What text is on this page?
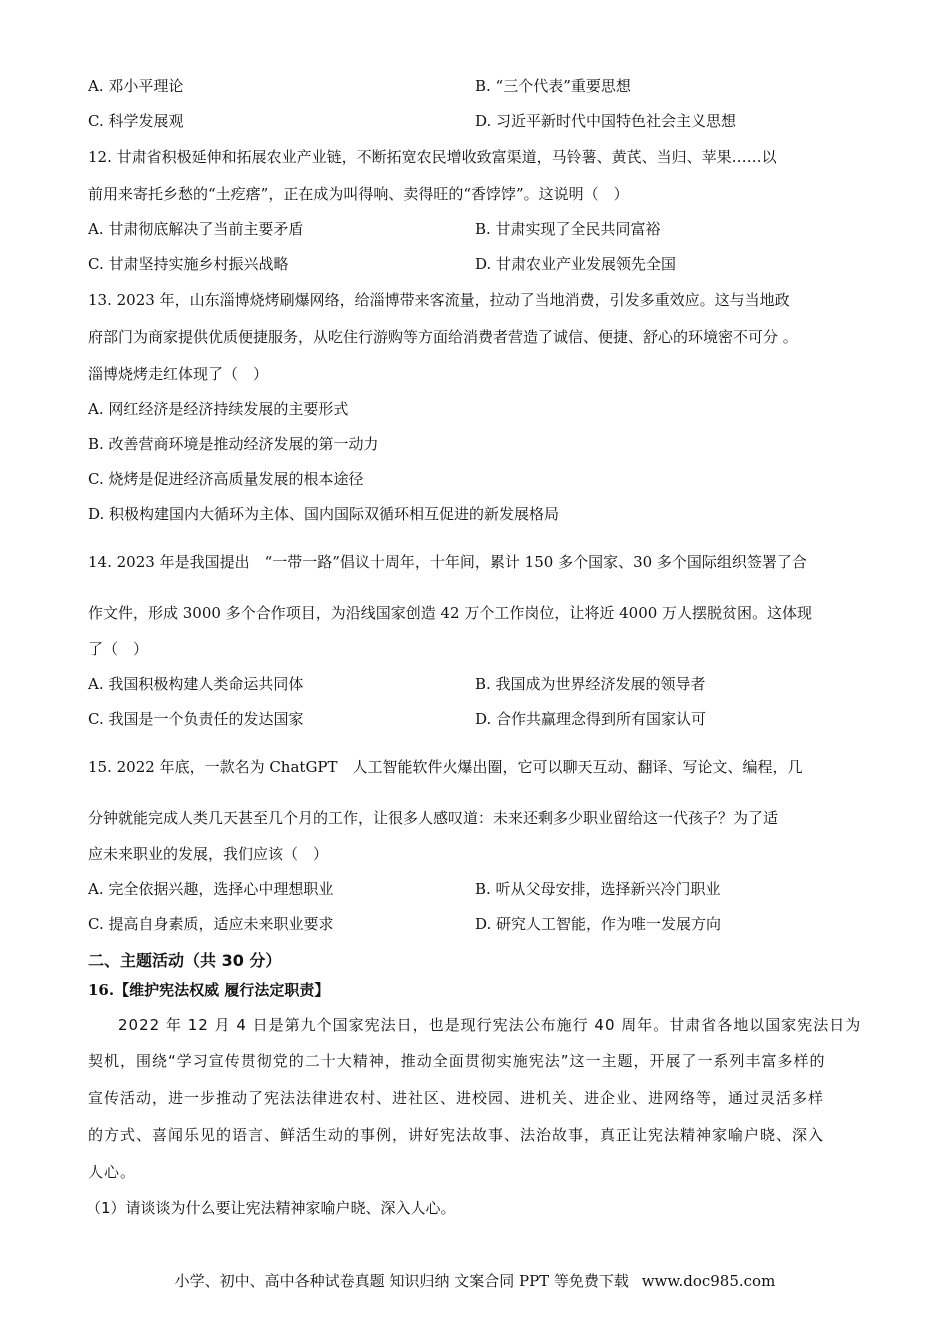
A. 邓小平理论	B. “三个代表”重要思想
C. 科学发展观	D. 习近平新时代中国特色社会主义思想
12. 甘肃省积极延伸和拓展农业产业链，不断拓宽农民增收致富渠道，马铃薯、黄芪、当归、苹果……以
前用来寄托乡愁的“土疙瘩”，正在成为叫得响、卖得旺的“香饽饽”。这说明（　）
A. 甘肃彻底解决了当前主要矛盾	B. 甘肃实现了全民共同富裕
C. 甘肃坚持实施乡村振兴战略	D. 甘肃农业产业发展领先全国
13. 2023 年，山东淄博烧烤刷爆网络，给淄博带来客流量，拉动了当地消费，引发多重效应。这与当地政
府部门为商家提供优质便捷服务，从吃住行游购等方面给消费者营造了诚信、便捷、舒心的环境密不可分 。
淄博烧烤走红体现了（　）
A. 网红经济是经济持续发展的主要形式
B. 改善营商环境是推动经济发展的第一动力
C. 烧烤是促进经济高质量发展的根本途径
D. 积极构建国内大循环为主体、国内国际双循环相互促进的新发展格局
14. 2023 年是我国提出　“一带一路”倡议十周年，十年间，累计 150 多个国家、30 多个国际组织签署了合
作文件，形成 3000 多个合作项目，为沿线国家创造 42 万个工作岗位，让将近 4000 万人摆脱贫困。这体现
了（　）
A. 我国积极构建人类命运共同体	B. 我国成为世界经济发展的领导者
C. 我国是一个负责任的发达国家	D. 合作共赢理念得到所有国家认可
15. 2022 年底，一款名为 ChatGPT　人工智能软件火爆出圈，它可以聊天互动、翻译、写论文、编程，几
分钟就能完成人类几天甚至几个月的工作，让很多人感叹道：未来还剩多少职业留给这一代孩子？为了适
应未来职业的发展，我们应该（　）
A. 完全依据兴趣，选择心中理想职业	B. 听从父母安排，选择新兴冷门职业
C. 提高自身素质，适应未来职业要求	D. 研究人工智能，作为唯一发展方向
二、主题活动（共 30 分）
16.【维护宪法权威 履行法定职责】
2022 年 12 月 4 日是第九个国家宪法日，也是现行宪法公布施行 40 周年。甘肃省各地以国家宪法日为
契机，围绕“学习宣传贯彻党的二十大精神，推动全面贯彻实施宪法”这一主题，开展了一系列丰富多样的
宣传活动，进一步推动了宪法法律进农村、进社区、进校园、进机关、进企业、进网络等，通过灵活多样
的方式、喜闻乐见的语言、鲜活生动的事例，讲好宪法故事、法治故事，真正让宪法精神家喻户晓、深入
人心。
（1）请谈谈为什么要让宪法精神家喻户晓、深入人心。
小学、初中、高中各种试卷真题 知识归纳 文案合同 PPT 等免费下载 www.doc985.com
